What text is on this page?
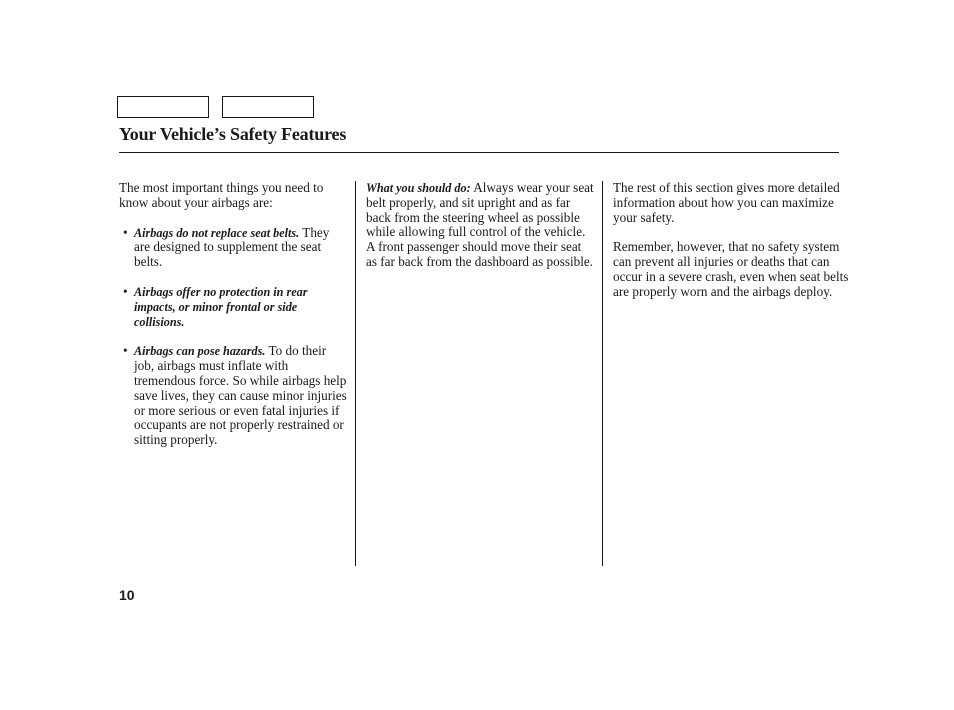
Your Vehicle’s Safety Features

The most important things you need to know about your airbags are:

• Airbags do not replace seat belts. They are designed to supplement the seat belts.
• Airbags offer no protection in rear impacts, or minor frontal or side collisions.
• Airbags can pose hazards. To do their job, airbags must inflate with tremendous force. So while airbags help save lives, they can cause minor injuries or more serious or even fatal injuries if occupants are not properly restrained or sitting properly.

What you should do: Always wear your seat belt properly, and sit upright and as far back from the steering wheel as possible while allowing full control of the vehicle. A front passenger should move their seat as far back from the dashboard as possible.

The rest of this section gives more detailed information about how you can maximize your safety.

Remember, however, that no safety system can prevent all injuries or deaths that can occur in a severe crash, even when seat belts are properly worn and the airbags deploy.

10
